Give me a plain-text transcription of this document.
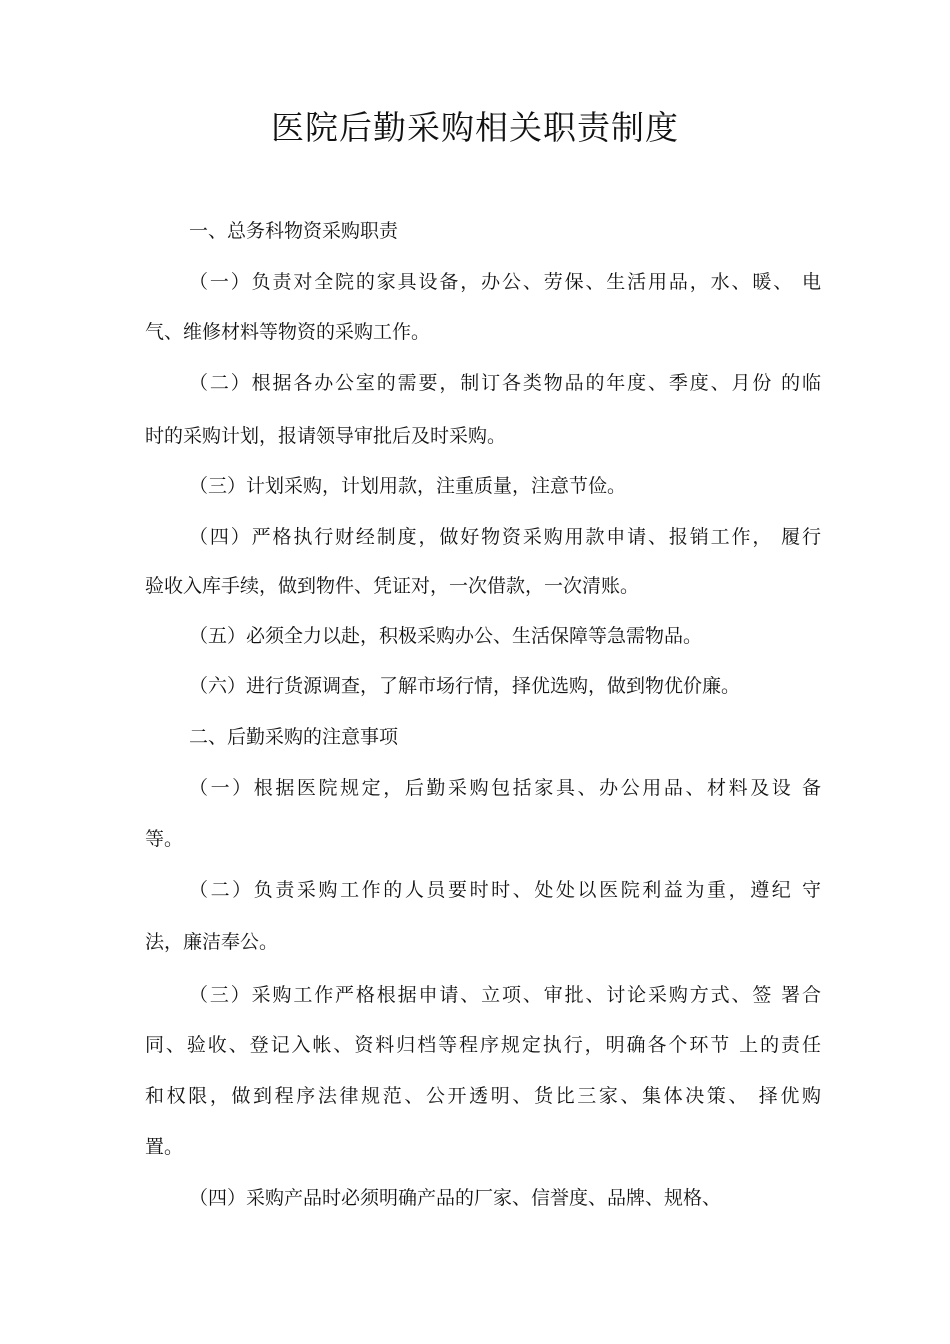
医院后勤采购相关职责制度

一、总务科物资采购职责

（一）负责对全院的家具设备，办公、劳保、生活用品，水、暖、 电

气、维修材料等物资的采购工作。

（二）根据各办公室的需要，制订各类物品的年度、季度、月份 的临

时的采购计划，报请领导审批后及时采购。

（三）计划采购，计划用款，注重质量，注意节俭。

（四）严格执行财经制度，做好物资采购用款申请、报销工作， 履行

验收入库手续，做到物件、凭证对，一次借款，一次清账。

（五）必须全力以赴，积极采购办公、生活保障等急需物品。

（六）进行货源调查，了解市场行情，择优选购，做到物优价廉。

二、后勤采购的注意事项

（一）根据医院规定，后勤采购包括家具、办公用品、材料及设 备

等。

（二）负责采购工作的人员要时时、处处以医院利益为重，遵纪 守

法，廉洁奉公。

（三）采购工作严格根据申请、立项、审批、讨论采购方式、签 署合

同、验收、登记入帐、资料归档等程序规定执行，明确各个环节 上的责任

和权限，做到程序法律规范、公开透明、货比三家、集体决策、 择优购

置。

（四）采购产品时必须明确产品的厂家、信誉度、品牌、规格、
